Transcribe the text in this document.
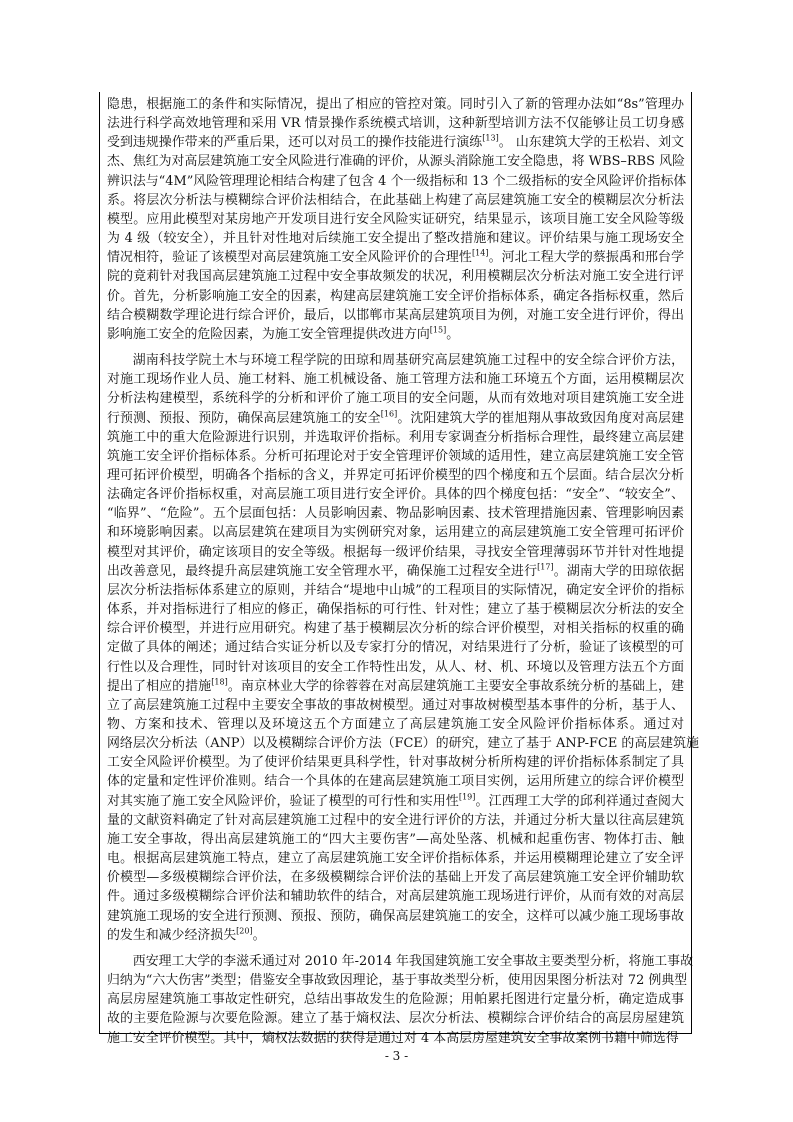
隐患，根据施工的条件和实际情况，提出了相应的管控对策。同时引入了新的管理办法如“8s”管理办
法进行科学高效地管理和采用 VR 情景操作系统模式培训，这种新型培训方法不仅能够让员工切身感
受到违规操作带来的严重后果，还可以对员工的操作技能进行演练[13]。 山东建筑大学的王松岩、刘文
杰、焦红为对高层建筑施工安全风险进行准确的评价，从源头消除施工安全隐患，将 WBS–RBS 风险
辨识法与“4M”风险管理理论相结合构建了包含 4 个一级指标和 13 个二级指标的安全风险评价指标体
系。将层次分析法与模糊综合评价法相结合，在此基础上构建了高层建筑施工安全的模糊层次分析法
模型。应用此模型对某房地产开发项目进行安全风险实证研究，结果显示，该项目施工安全风险等级
为 4 级（较安全），并且针对性地对后续施工安全提出了整改措施和建议。评价结果与施工现场安全
情况相符，验证了该模型对高层建筑施工安全风险评价的合理性[14]。河北工程大学的蔡振禹和邢台学
院的竟莉针对我国高层建筑施工过程中安全事故频发的状况，利用模糊层次分析法对施工安全进行评
价。首先，分析影响施工安全的因素，构建高层建筑施工安全评价指标体系，确定各指标权重，然后
结合模糊数学理论进行综合评价，最后，以邯郸市某高层建筑项目为例，对施工安全进行评价，得出
影响施工安全的危险因素，为施工安全管理提供改进方向[15]。
湖南科技学院土木与环境工程学院的田琼和周基研究高层建筑施工过程中的安全综合评价方法，
对施工现场作业人员、施工材料、施工机械设备、施工管理方法和施工环境五个方面，运用模糊层次
分析法构建模型，系统科学的分析和评价了施工项目的安全问题，从而有效地对项目建筑施工安全进
行预测、预报、预防，确保高层建筑施工的安全[16]。沈阳建筑大学的崔旭翔从事故致因角度对高层建
筑施工中的重大危险源进行识别，并选取评价指标。利用专家调查分析指标合理性，最终建立高层建
筑施工安全评价指标体系。分析可拓理论对于安全管理评价领域的适用性，建立高层建筑施工安全管
理可拓评价模型，明确各个指标的含义，并界定可拓评价模型的四个梯度和五个层面。结合层次分析
法确定各评价指标权重，对高层施工项目进行安全评价。具体的四个梯度包括：“安全”、“较安全”、
“临界”、“危险”。五个层面包括：人员影响因素、物品影响因素、技术管理措施因素、管理影响因素
和环境影响因素。以高层建筑在建项目为实例研究对象，运用建立的高层建筑施工安全管理可拓评价
模型对其评价，确定该项目的安全等级。根据每一级评价结果，寻找安全管理薄弱环节并针对性地提
出改善意见，最终提升高层建筑施工安全管理水平，确保施工过程安全进行[17]。湖南大学的田琼依据
层次分析法指标体系建立的原则，并结合“堤地中山城”的工程项目的实际情况，确定安全评价的指标
体系，并对指标进行了相应的修正，确保指标的可行性、针对性；建立了基于模糊层次分析法的安全
综合评价模型，并进行应用研究。构建了基于模糊层次分析的综合评价模型，对相关指标的权重的确
定做了具体的阐述；通过结合实证分析以及专家打分的情况，对结果进行了分析，验证了该模型的可
行性以及合理性，同时针对该项目的安全工作特性出发，从人、材、机、环境以及管理方法五个方面
提出了相应的措施[18]。南京林业大学的徐蓉蓉在对高层建筑施工主要安全事故系统分析的基础上，建
立了高层建筑施工过程中主要安全事故的事故树模型。通过对事故树模型基本事件的分析，基于人、
物、方案和技术、管理以及环境这五个方面建立了高层建筑施工安全风险评价指标体系。通过对
网络层次分析法（ANP）以及模糊综合评价方法（FCE）的研究，建立了基于 ANP-FCE 的高层建筑施
工安全风险评价模型。为了使评价结果更具科学性，针对事故树分析所构建的评价指标体系制定了具
体的定量和定性评价准则。结合一个具体的在建高层建筑施工项目实例，运用所建立的综合评价模型
对其实施了施工安全风险评价，验证了模型的可行性和实用性[19]。江西理工大学的邱利祥通过查阅大
量的文献资料确定了针对高层建筑施工过程中的安全进行评价的方法，并通过分析大量以往高层建筑
施工安全事故，得出高层建筑施工的“四大主要伤害”—高处坠落、机械和起重伤害、物体打击、触
电。根据高层建筑施工特点，建立了高层建筑施工安全评价指标体系，并运用模糊理论建立了安全评
价模型—多级模糊综合评价法，在多级模糊综合评价法的基础上开发了高层建筑施工安全评价辅助软
件。通过多级模糊综合评价法和辅助软件的结合，对高层建筑施工现场进行评价，从而有效的对高层
建筑施工现场的安全进行预测、预报、预防，确保高层建筑施工的安全，这样可以减少施工现场事故
的发生和减少经济损失[20]。
西安理工大学的李滋禾通过对 2010 年-2014 年我国建筑施工安全事故主要类型分析，将施工事故
归纳为“六大伤害”类型；借鉴安全事故致因理论，基于事故类型分析，使用因果图分析法对 72 例典型
高层房屋建筑施工事故定性研究，总结出事故发生的危险源；用帕累托图进行定量分析，确定造成事
故的主要危险源与次要危险源。建立了基于熵权法、层次分析法、模糊综合评价结合的高层房屋建筑
施工安全评价模型。其中，熵权法数据的获得是通过对 4 本高层房屋建筑安全事故案例书籍中筛选得
- 3 -
